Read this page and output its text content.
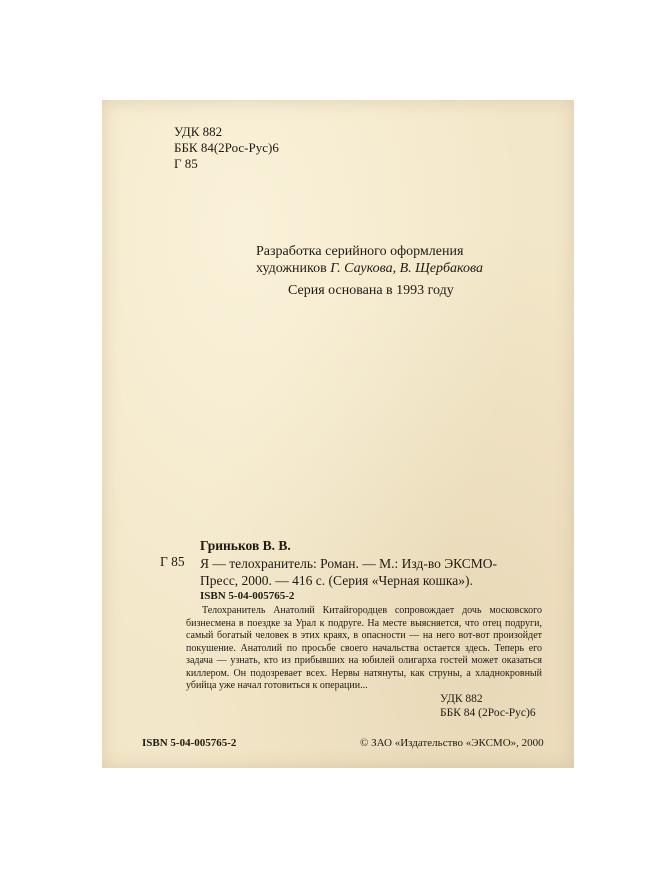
УДК 882
ББК 84(2Рос-Рус)6
Г 85
Разработка серийного оформления
художников Г. Саукова, В. Щербакова
Серия основана в 1993 году
Г 85
Гриньков В. В.
Я — телохранитель: Роман. — М.: Изд-во ЭКСМО-
Пресс, 2000. — 416 с. (Серия «Черная кошка»).
ISBN 5-04-005765-2
Телохранитель Анатолий Китайгородцев сопровождает дочь московского бизнесмена в поездке за Урал к подруге. На месте выясняется, что отец подруги, самый богатый человек в этих краях, в опасности — на него вот-вот произойдет покушение. Анатолий по просьбе своего начальства остается здесь. Теперь его задача — узнать, кто из прибывших на юбилей олигарха гостей может оказаться киллером. Он подозревает всех. Нервы натянуты, как струны, а хладнокровный убийца уже начал готовиться к операции...
УДК 882
ББК 84 (2Рос-Рус)6
ISBN 5-04-005765-2	© ЗАО «Издательство «ЭКСМО», 2000
